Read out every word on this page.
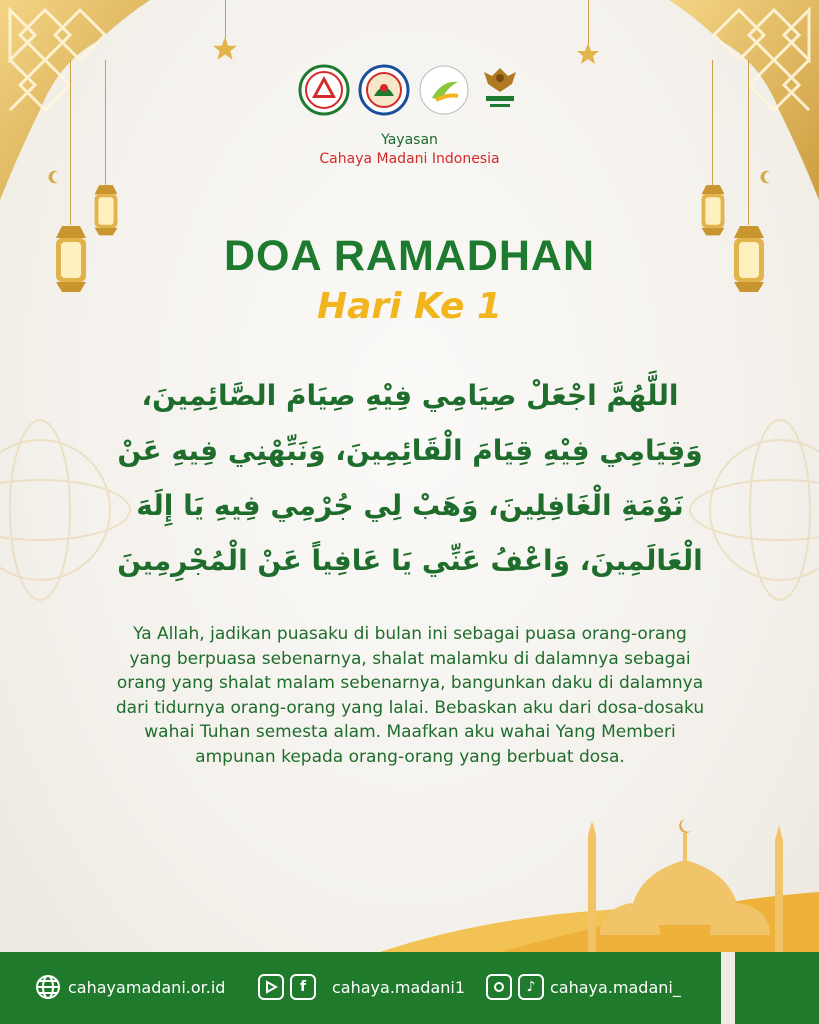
Yayasan
Cahaya Madani Indonesia
DOA RAMADHAN
Hari Ke 1
اللَّهُمَّ اجْعَلْ صِيَامِي فِيْهِ صِيَامَ الصَّائِمِينَ،
وَقِيَامِي فِيْهِ قِيَامَ الْقَائِمِينَ، وَنَبِّهْنِي فِيهِ عَنْ
نَوْمَةِ الْغَافِلِينَ، وَهَبْ لِي جُرْمِي فِيهِ يَا إِلَهَ
الْعَالَمِينَ، وَاعْفُ عَنِّي يَا عَافِياً عَنْ الْمُجْرِمِينَ
Ya Allah, jadikan puasaku di bulan ini sebagai puasa orang-orang yang berpuasa sebenarnya, shalat malamku di dalamnya sebagai orang yang shalat malam sebenarnya, bangunkan daku di dalamnya dari tidurnya orang-orang yang lalai. Bebaskan aku dari dosa-dosaku wahai Tuhan semesta alam. Maafkan aku wahai Yang Memberi ampunan kepada orang-orang yang berbuat dosa.
cahayamadani.or.id	f	cahaya.madani1	♪ cahaya.madani_
